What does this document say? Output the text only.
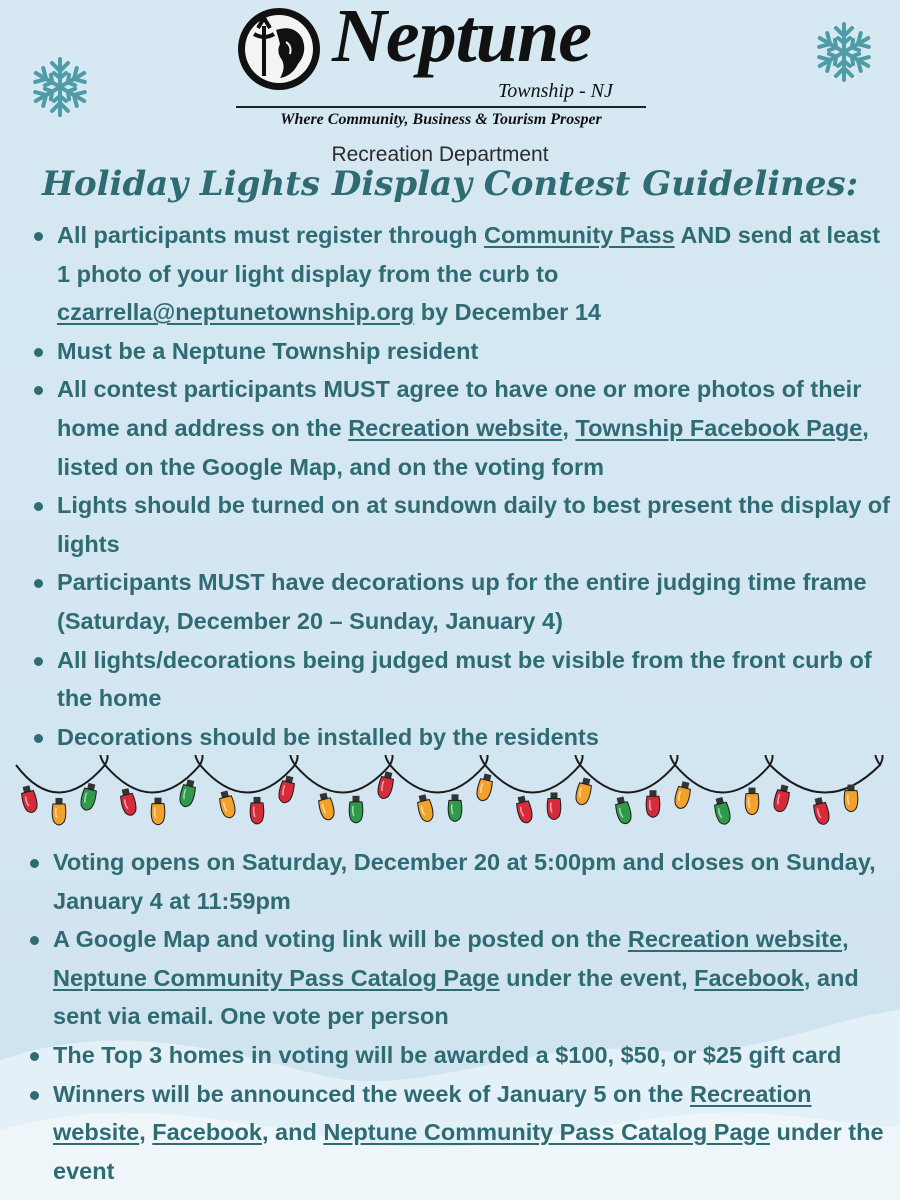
Neptune
Township - NJ
Where Community, Business & Tourism Prosper
Recreation Department
Holiday Lights Display Contest Guidelines:
All participants must register through Community Pass AND send at least 1 photo of your light display from the curb to czarrella@neptunetownship.org by December 14
Must be a Neptune Township resident
All contest participants MUST agree to have one or more photos of their home and address on the Recreation website, Township Facebook Page, listed on the Google Map, and on the voting form
Lights should be turned on at sundown daily to best present the display of lights
Participants MUST have decorations up for the entire judging time frame (Saturday, December 20 – Sunday, January 4)
All lights/decorations being judged must be visible from the front curb of the home
Decorations should be installed by the residents
Voting opens on Saturday, December 20 at 5:00pm and closes on Sunday, January 4 at 11:59pm
A Google Map and voting link will be posted on the Recreation website, Neptune Community Pass Catalog Page under the event, Facebook, and sent via email. One vote per person
The Top 3 homes in voting will be awarded a $100, $50, or $25 gift card
Winners will be announced the week of January 5 on the Recreation website, Facebook, and Neptune Community Pass Catalog Page under the event
